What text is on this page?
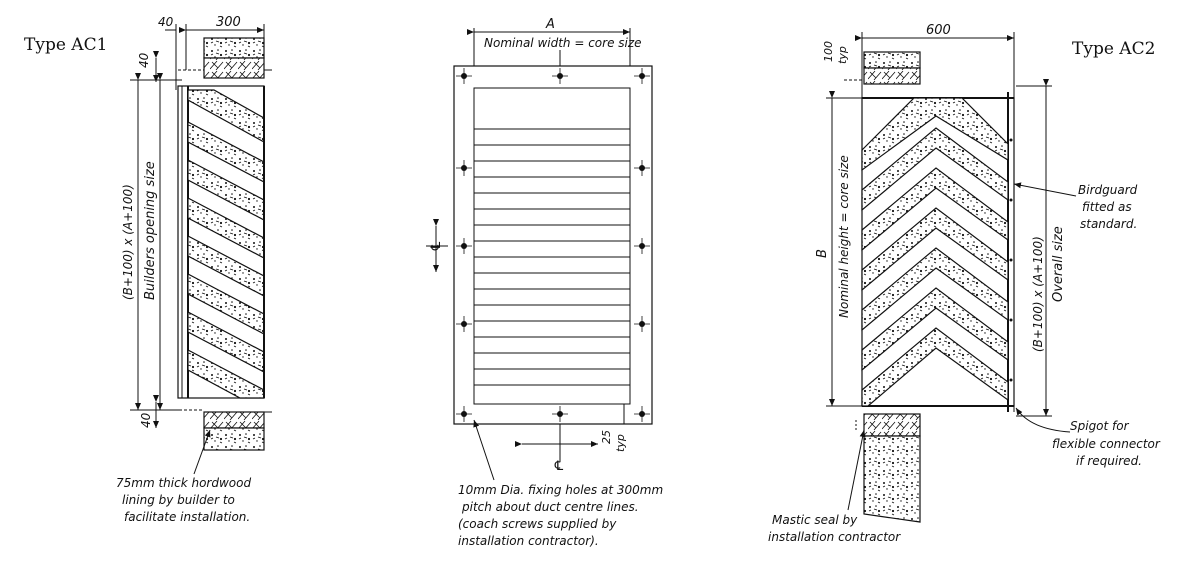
Type AC1
40	300
40
(B+100) x (A+100) Builders opening size
40
75mm thick hordwood
lining by builder to
facilitate installation.
A
Nominal width = core size
℄
℄
25 typ
10mm Dia. fixing holes at 300mm
pitch about duct centre lines.
(coach screws supplied by
installation contractor).
Type AC2
600
100 typ
B Nominal height = core size	(B+100) x (A+100) Overall size
Birdguard
fitted as
standard.
Spigot for
flexible connector
if required.
Mastic seal by
installation contractor
